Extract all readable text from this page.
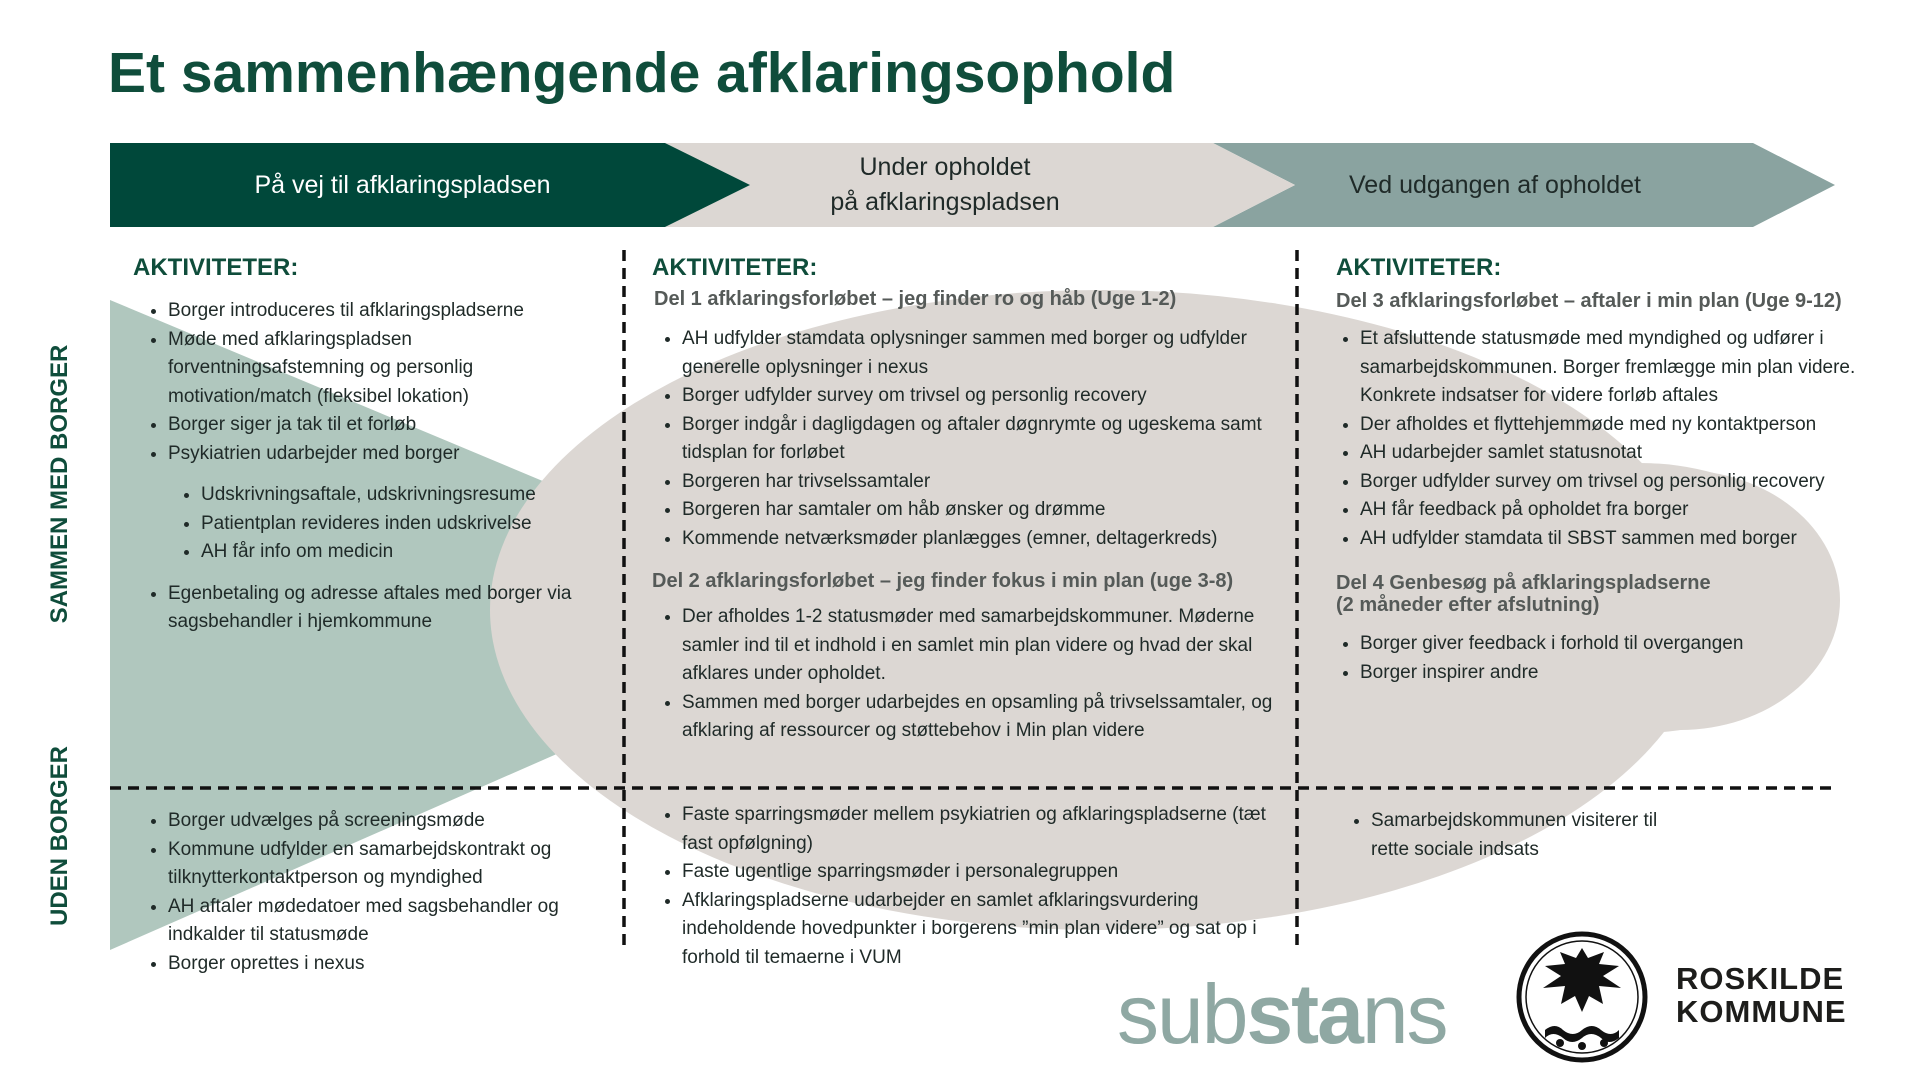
Et sammenhængende afklaringsophold
På vej til afklaringspladsen
Under opholdet
på afklaringspladsen
Ved udgangen af opholdet
SAMMEN MED BORGER
UDEN BORGER
AKTIVITETER:
• Borger introduceres til afklaringspladserne
• Møde med afklaringspladsen forventningsafstemning og personlig motivation/match (fleksibel lokation)
• Borger siger ja tak til et forløb
• Psykiatrien udarbejder med borger
• Udskrivningsaftale, udskrivningsresume
• Patientplan revideres inden udskrivelse
• AH får info om medicin
• Egenbetaling og adresse aftales med borger via sagsbehandler i hjemkommune
• Borger udvælges på screeningsmøde
• Kommune udfylder en samarbejdskontrakt og tilknytterkontaktperson og myndighed
• AH aftaler mødedatoer med sagsbehandler og indkalder til statusmøde
• Borger oprettes i nexus
AKTIVITETER:
Del 1 afklaringsforløbet – jeg finder ro og håb (Uge 1-2)
• AH udfylder stamdata oplysninger sammen med borger og udfylder generelle oplysninger i nexus
• Borger udfylder survey om trivsel og personlig recovery
• Borger indgår i dagligdagen og aftaler døgnrymte og ugeskema samt tidsplan for forløbet
• Borgeren har trivselssamtaler
• Borgeren har samtaler om håb ønsker og drømme
• Kommende netværksmøder planlægges (emner, deltagerkreds)
Del 2 afklaringsforløbet – jeg finder fokus i min plan (uge 3-8)
• Der afholdes 1-2 statusmøder med samarbejdskommuner. Møderne samler ind til et indhold i en samlet min plan videre og hvad der skal afklares under opholdet.
• Sammen med borger udarbejdes en opsamling på trivselssamtaler, og afklaring af ressourcer og støttebehov i Min plan videre
• Faste sparringsmøder mellem psykiatrien og afklaringspladserne (tæt fast opfølgning)
• Faste ugentlige sparringsmøder i personalegruppen
• Afklaringspladserne udarbejder en samlet afklaringsvurdering indeholdende hovedpunkter i borgerens ”min plan videre” og sat op i forhold til temaerne i VUM
AKTIVITETER:
Del 3 afklaringsforløbet – aftaler i min plan (Uge 9-12)
• Et afsluttende statusmøde med myndighed og udfører i samarbejdskommunen. Borger fremlægge min plan videre. Konkrete indsatser for videre forløb aftales
• Der afholdes et flyttehjemmøde med ny kontaktperson
• AH udarbejder samlet statusnotat
• Borger udfylder survey om trivsel og personlig recovery
• AH får feedback på opholdet fra borger
• AH udfylder stamdata til SBST sammen med borger
Del 4 Genbesøg på afklaringspladserne
(2 måneder efter afslutning)
• Borger giver feedback i forhold til overgangen
• Borger inspirer andre
• Samarbejdskommunen visiterer til rette sociale indsats
substans	ROSKILDE
KOMMUNE
